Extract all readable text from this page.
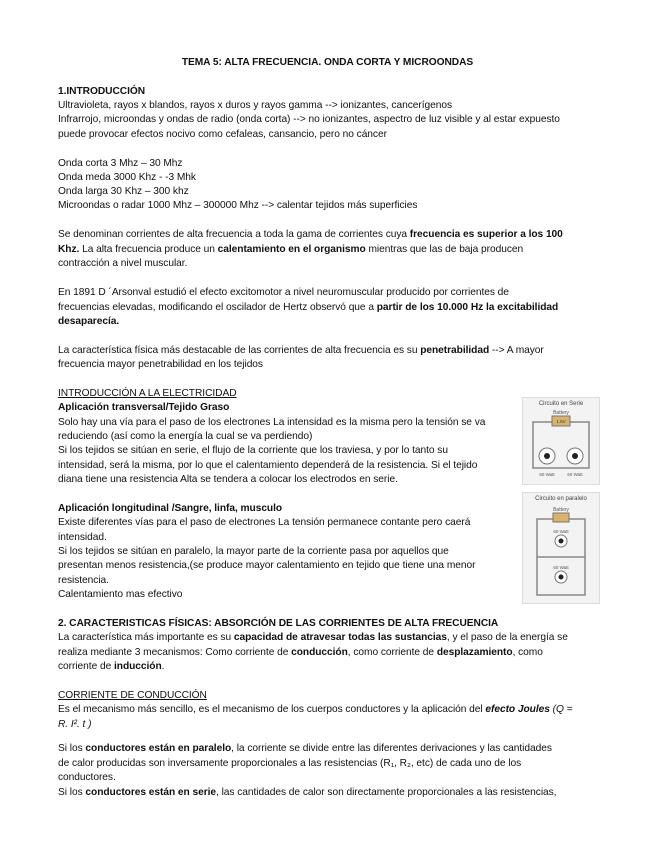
TEMA 5: ALTA FRECUENCIA. ONDA CORTA Y MICROONDAS
1.INTRODUCCIÓN
Ultravioleta, rayos x blandos, rayos x duros y rayos gamma --> ionizantes, cancerígenos
Infrarrojo, microondas y ondas de radio (onda corta) --> no ionizantes, aspectro de luz visible y al estar expuesto
puede provocar efectos nocivo como cefaleas, cansancio, pero no cáncer
Onda corta 3 Mhz – 30 Mhz
Onda meda 3000 Khz - -3 Mhk
Onda larga 30 Khz – 300 khz
Microondas o radar 1000 Mhz – 300000 Mhz --> calentar tejidos más superficies
Se denominan corrientes de alta frecuencia a toda la gama de corrientes cuya frecuencia es superior a los 100
Khz. La alta frecuencia produce un calentamiento en el organismo mientras que las de baja producen
contracción a nivel muscular.
En 1891 D ´Arsonval estudió el efecto excitomotor a nivel neuromuscular producido por corrientes de
frecuencias elevadas, modificando el oscilador de Hertz observó que a partir de los 10.000 Hz la excitabilidad
desaparecía.
La característica física más destacable de las corrientes de alta frecuencia es su penetrabilidad --> A mayor
frecuencia mayor penetrabilidad en los tejidos
INTRODUCCIÓN A LA ELECTRICIDAD
Aplicación transversal/Tejido Graso
Solo hay una vía para el paso de los electrones La intensidad es la misma pero la tensión se va
reduciendo (así como la energía la cual se va perdiendo)
Si los tejidos se sitúan en serie, el flujo de la corriente que los traviesa, y por lo tanto su
intensidad, será la misma, por lo que el calentamiento dependerá de la resistencia. Si el tejido
diana tiene una resistencia Alta se tendera a colocar los electrodos en serie.
Aplicación longitudinal /Sangre, linfa, musculo
Existe diferentes vías para el paso de electrones La tensión permanece contante pero caerá
intensidad.
Si los tejidos se sitúan en paralelo, la mayor parte de la corriente pasa por aquellos que
presentan menos resistencia,(se produce mayor calentamiento en tejido que tiene una menor
resistencia.
Calentamiento mas efectivo
Circuito en Serie
Battery
1.5V
60 Watt	60 Watt
Circuito en paralelo
Battery
60 Watt
60 Watt
2. CARACTERISTICAS FÍSICAS: ABSORCIÓN DE LAS CORRIENTES DE ALTA FRECUENCIA
La característica más importante es su capacidad de atravesar todas las sustancias, y el paso de la energía se
realiza mediante 3 mecanismos: Como corriente de conducción, como corriente de desplazamiento, como
corriente de inducción.
CORRIENTE DE CONDUCCIÓN
Es el mecanismo más sencillo, es el mecanismo de los cuerpos conductores y la aplicación del efecto Joules (Q =
R. I². t )
Si los conductores están en paralelo, la corriente se divide entre las diferentes derivaciones y las cantidades
de calor producidas son inversamente proporcionales a las resistencias (R₁, R₂, etc) de cada uno de los
conductores.
Si los conductores están en serie, las cantidades de calor son directamente proporcionales a las resistencias,
